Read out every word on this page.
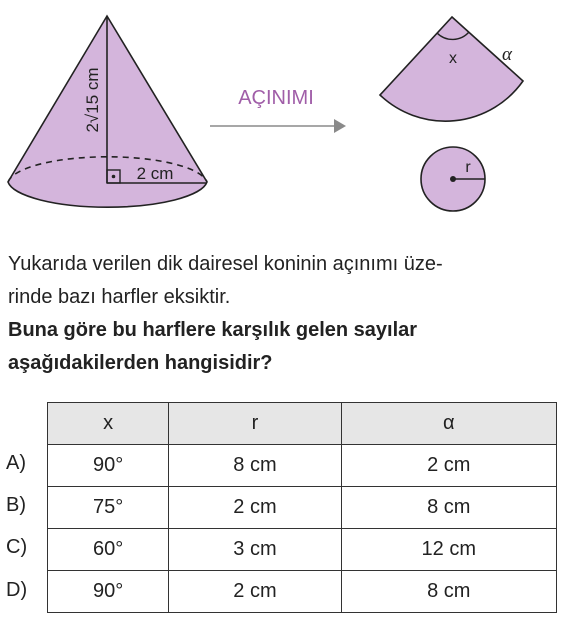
2√15 cm
2 cm
AÇINIMI
x α
r
Yukarıda verilen dik dairesel koninin açınımı üze-
rinde bazı harfler eksiktir.
Buna göre bu harflere karşılık gelen sayılar
aşağıdakilerden hangisidir?
A)
B)
C)
D)
x	r	α
90°	8 cm	2 cm
75°	2 cm	8 cm
60°	3 cm	12 cm
90°	2 cm	8 cm
